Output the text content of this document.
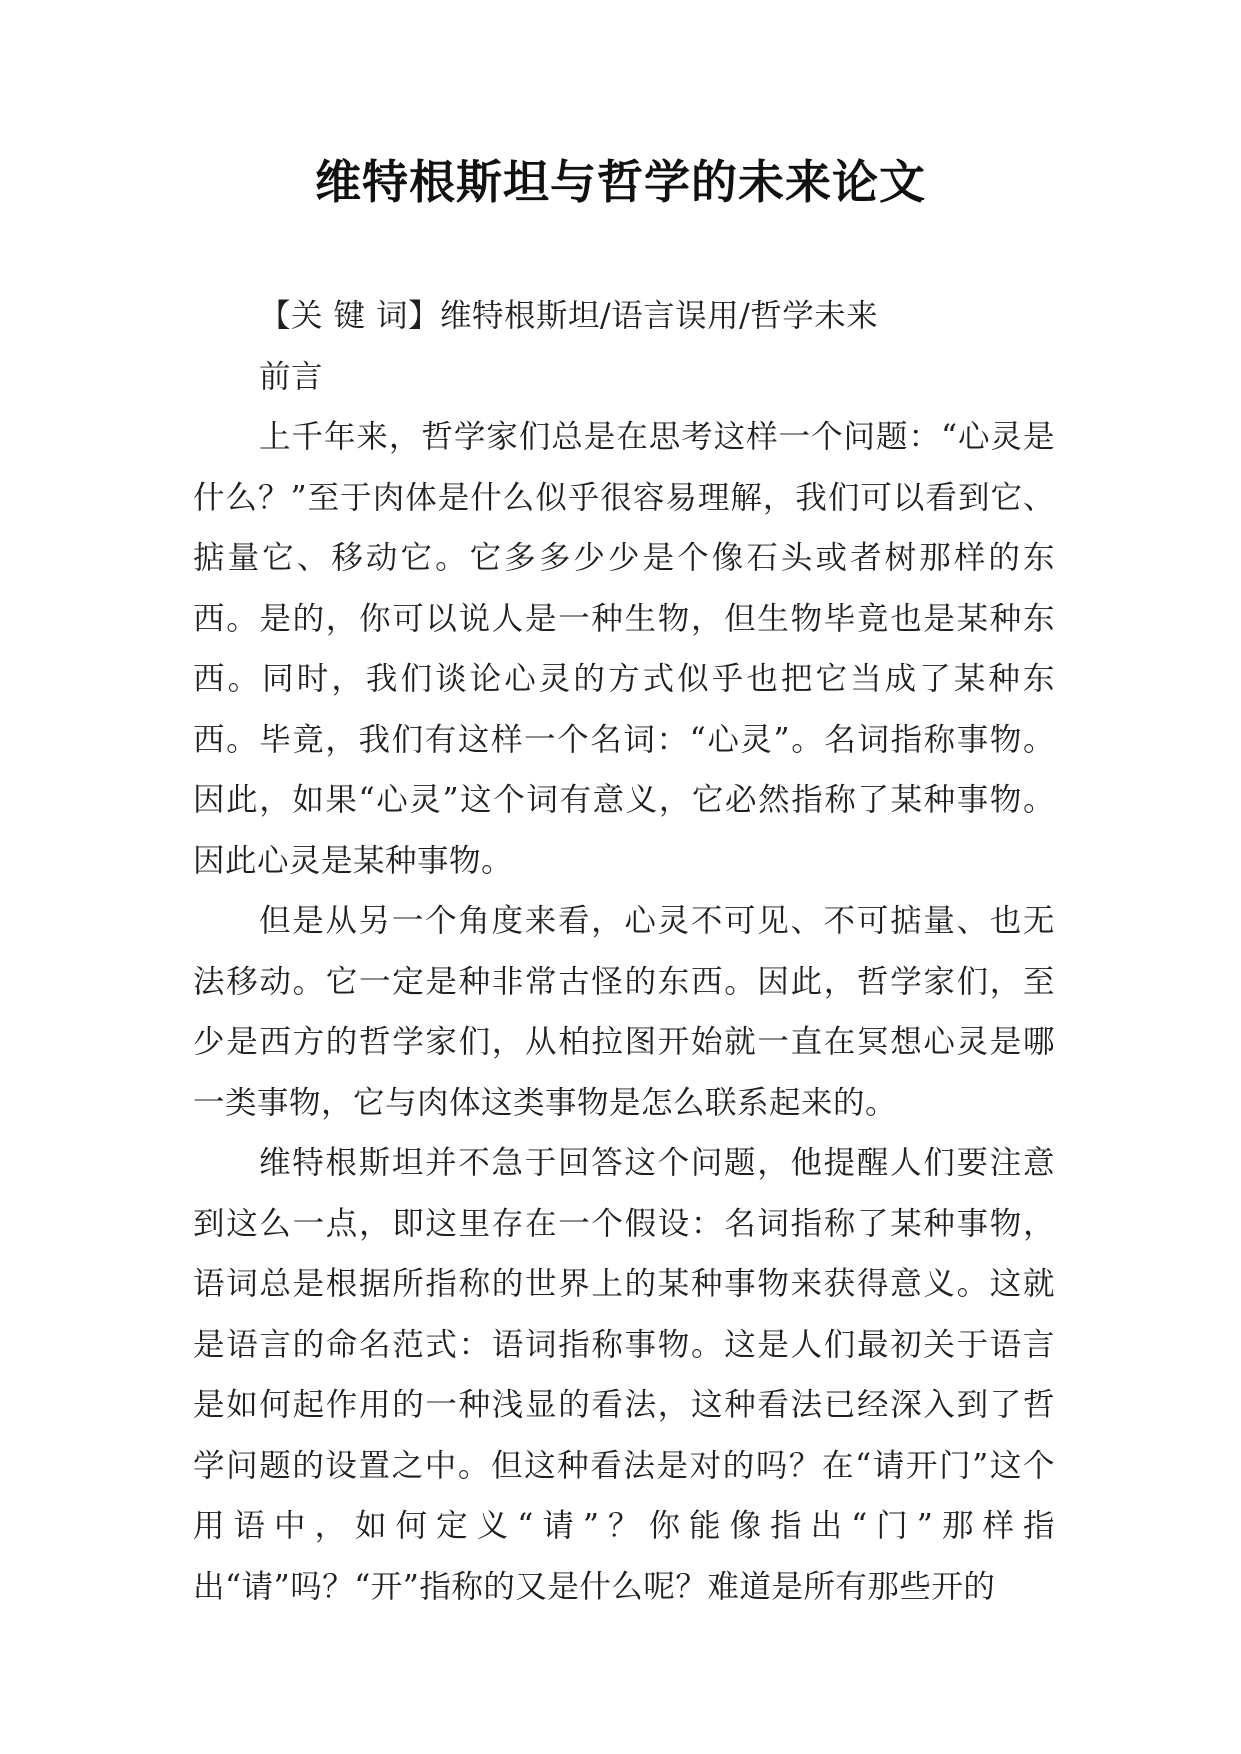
维特根斯坦与哲学的未来论文

【关 键 词】维特根斯坦/语言误用/哲学未来

前言

上千年来，哲学家们总是在思考这样一个问题：“心灵是什么？”至于肉体是什么似乎很容易理解，我们可以看到它、掂量它、移动它。它多多少少是个像石头或者树那样的东西。是的，你可以说人是一种生物，但生物毕竟也是某种东西。同时，我们谈论心灵的方式似乎也把它当成了某种东西。毕竟，我们有这样一个名词：“心灵”。名词指称事物。因此，如果“心灵”这个词有意义，它必然指称了某种事物。因此心灵是某种事物。

但是从另一个角度来看，心灵不可见、不可掂量、也无法移动。它一定是种非常古怪的东西。因此，哲学家们，至少是西方的哲学家们，从柏拉图开始就一直在冥想心灵是哪一类事物，它与肉体这类事物是怎么联系起来的。

维特根斯坦并不急于回答这个问题，他提醒人们要注意到这么一点，即这里存在一个假设：名词指称了某种事物，语词总是根据所指称的世界上的某种事物来获得意义。这就是语言的命名范式：语词指称事物。这是人们最初关于语言是如何起作用的一种浅显的看法，这种看法已经深入到了哲学问题的设置之中。但这种看法是对的吗？在“请开门”这个用语中，如何定义“请”？你能像指出“门”那样指出“请”吗？“开”指称的又是什么呢？难道是所有那些开的
